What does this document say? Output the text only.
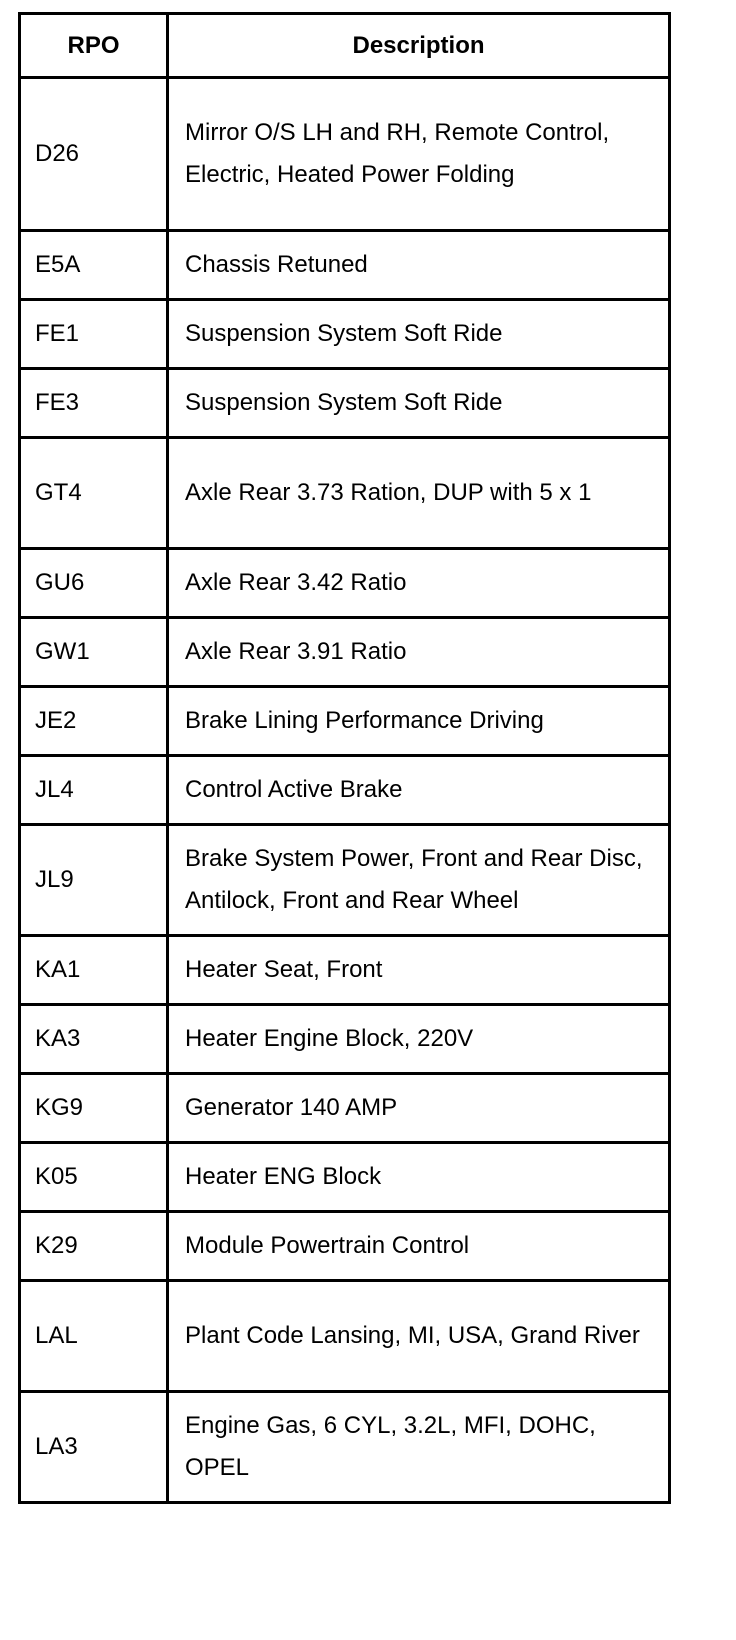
RPO	Description
D26	Mirror O/S LH and RH, Remote Control, Electric, Heated Power Folding
E5A	Chassis Retuned
FE1	Suspension System Soft Ride
FE3	Suspension System Soft Ride
GT4	Axle Rear 3.73 Ration, DUP with 5 x 1
GU6	Axle Rear 3.42 Ratio
GW1	Axle Rear 3.91 Ratio
JE2	Brake Lining Performance Driving
JL4	Control Active Brake
JL9	Brake System Power, Front and Rear Disc, Antilock, Front and Rear Wheel
KA1	Heater Seat, Front
KA3	Heater Engine Block, 220V
KG9	Generator 140 AMP
K05	Heater ENG Block
K29	Module Powertrain Control
LAL	Plant Code Lansing, MI, USA, Grand River
LA3	Engine Gas, 6 CYL, 3.2L, MFI, DOHC, OPEL
